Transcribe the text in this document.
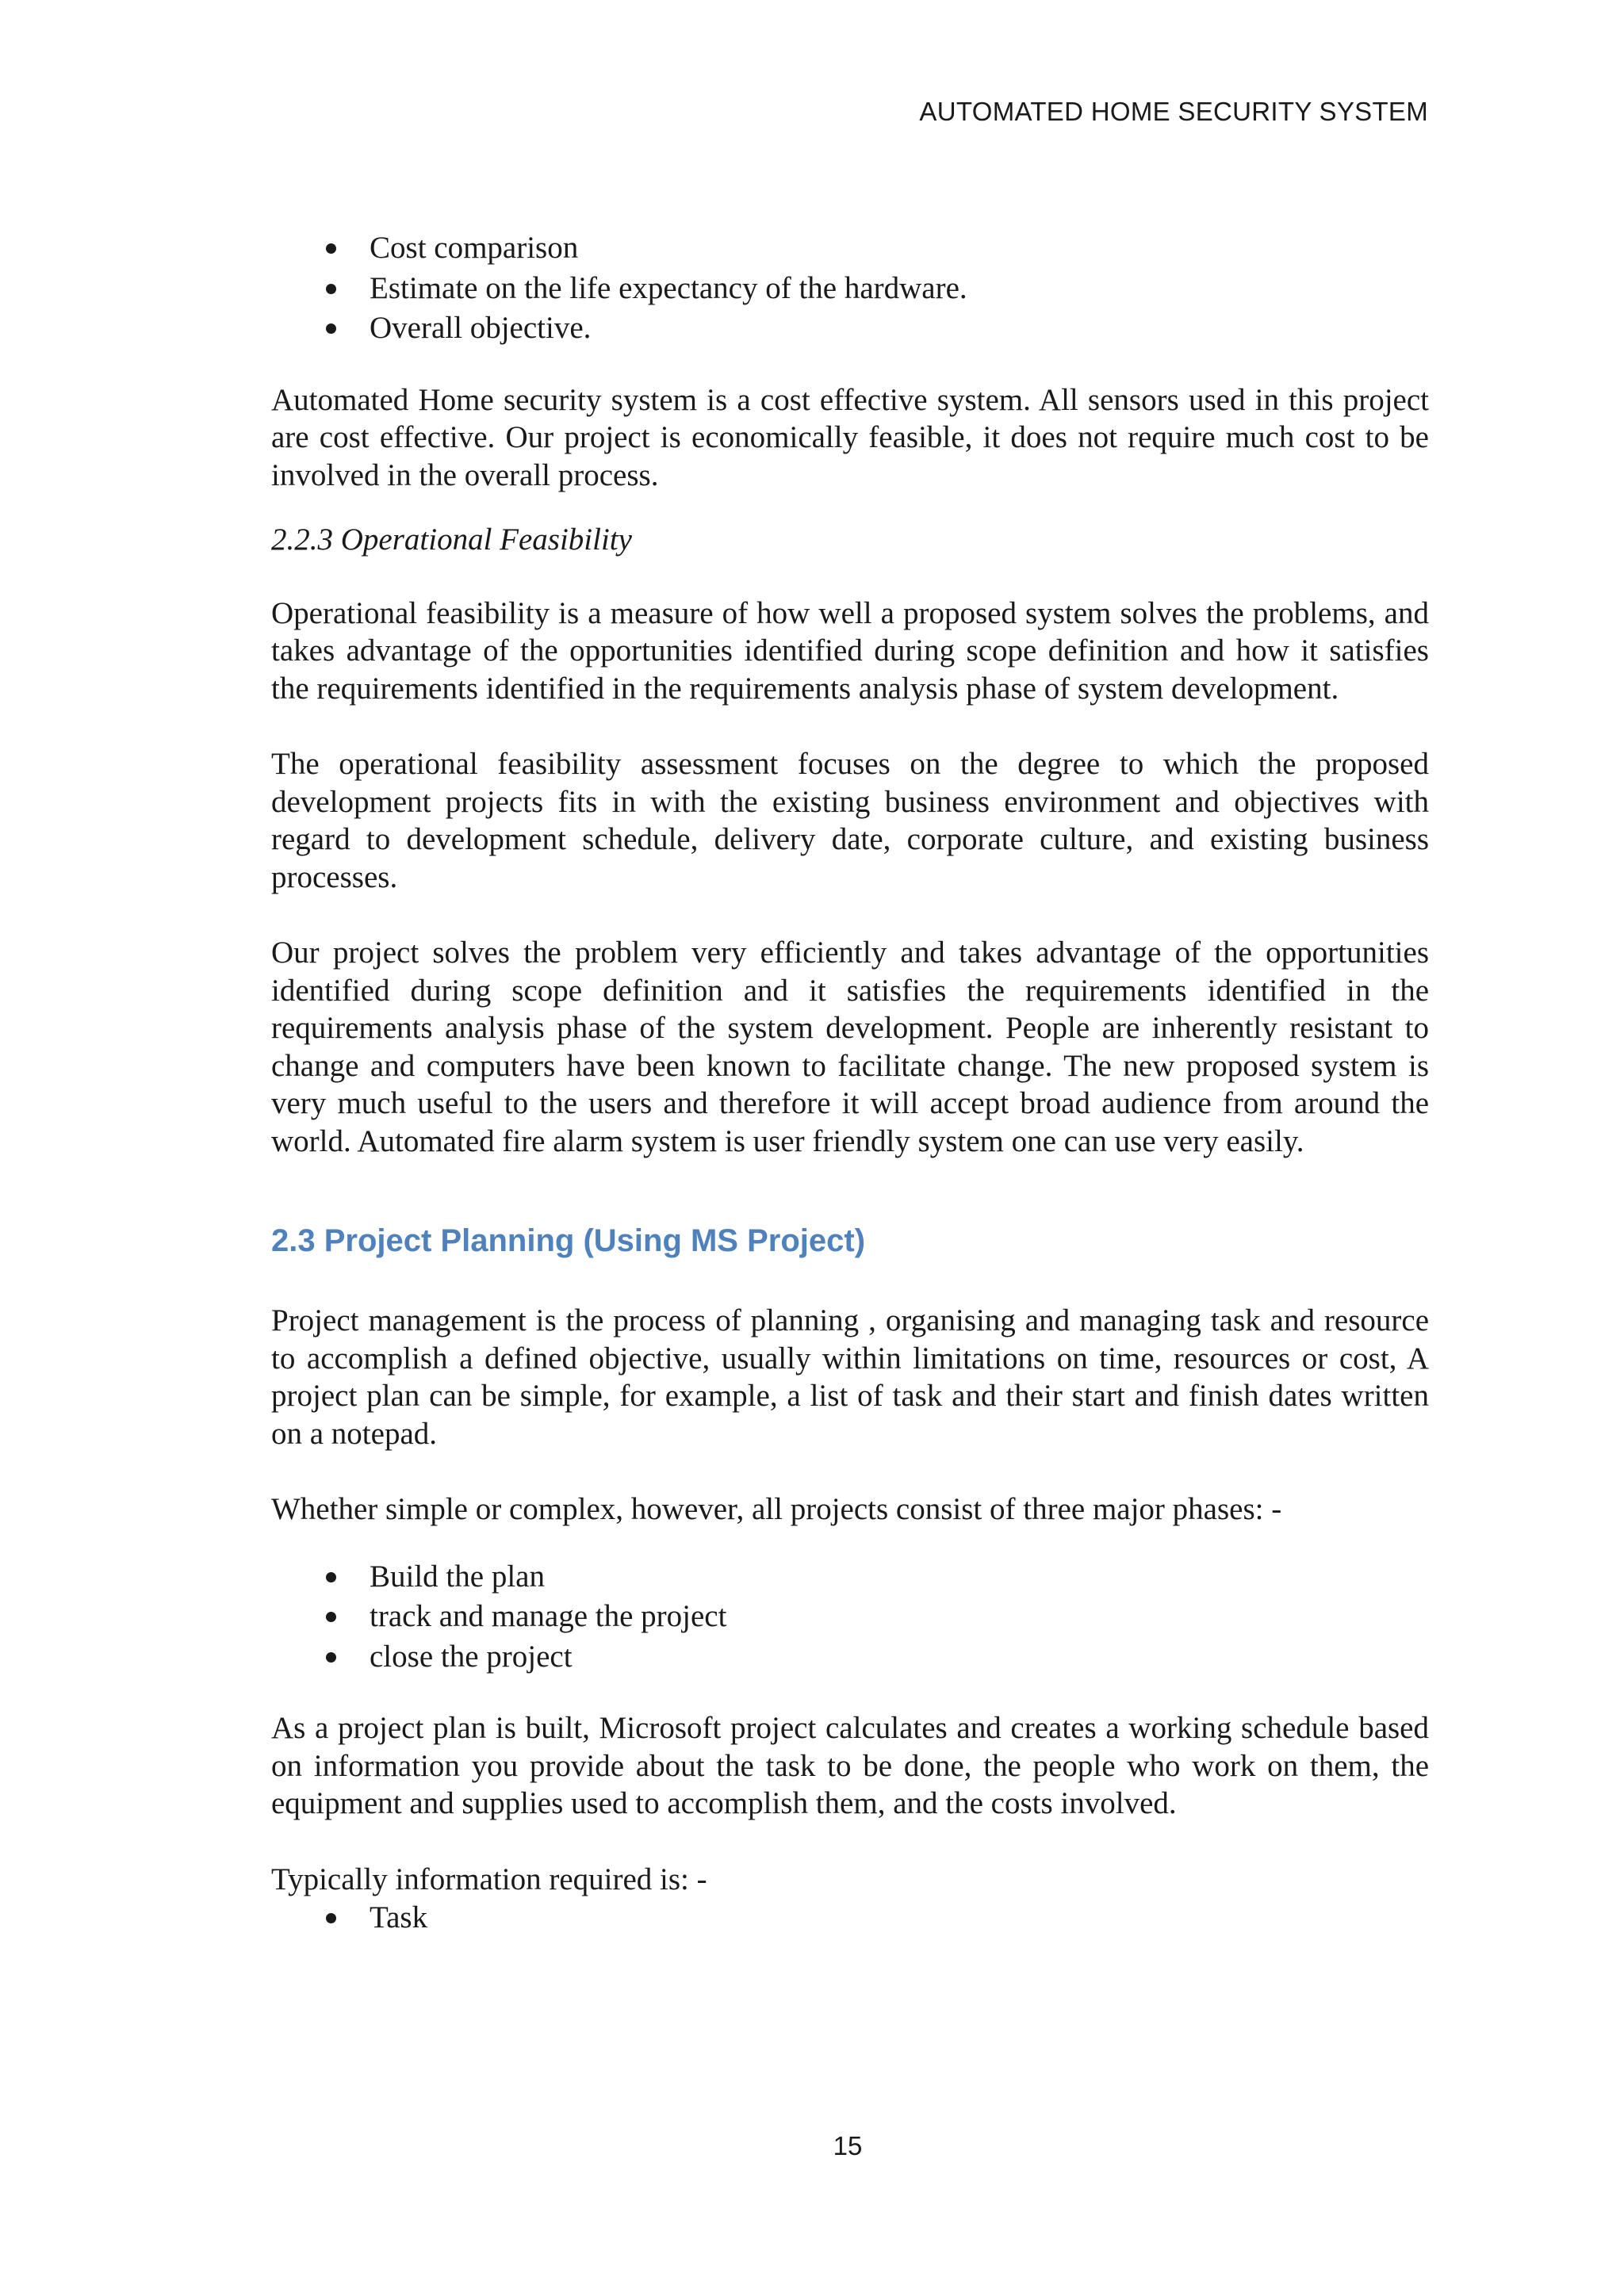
AUTOMATED HOME SECURITY SYSTEM
Cost comparison
Estimate on the life expectancy of the hardware.
Overall objective.

Automated Home security system is a cost effective system. All sensors used in this project are cost effective. Our project is economically feasible, it does not require much cost to be involved in the overall process.

2.2.3 Operational Feasibility

Operational feasibility is a measure of how well a proposed system solves the problems, and takes advantage of the opportunities identified during scope definition and how it satisfies the requirements identified in the requirements analysis phase of system development.

The operational feasibility assessment focuses on the degree to which the proposed development projects fits in with the existing business environment and objectives with regard to development schedule, delivery date, corporate culture, and existing business processes.

Our project solves the problem very efficiently and takes advantage of the opportunities identified during scope definition and it satisfies the requirements identified in the requirements analysis phase of the system development. People are inherently resistant to change and computers have been known to facilitate change. The new proposed system is very much useful to the users and therefore it will accept broad audience from around the world. Automated fire alarm system is user friendly system one can use very easily.

2.3 Project Planning (Using MS Project)

Project management is the process of planning , organising and managing task and resource to accomplish a defined objective, usually within limitations on time, resources or cost, A project plan can be simple, for example, a list of task and their start and finish dates written on a notepad.

Whether simple or complex, however, all projects consist of three major phases: -

Build the plan
track and manage the project
close the project

As a project plan is built, Microsoft project calculates and creates a working schedule based on information you provide about the task to be done, the people who work on them, the equipment and supplies used to accomplish them, and the costs involved.

Typically information required is: -

Task
15
